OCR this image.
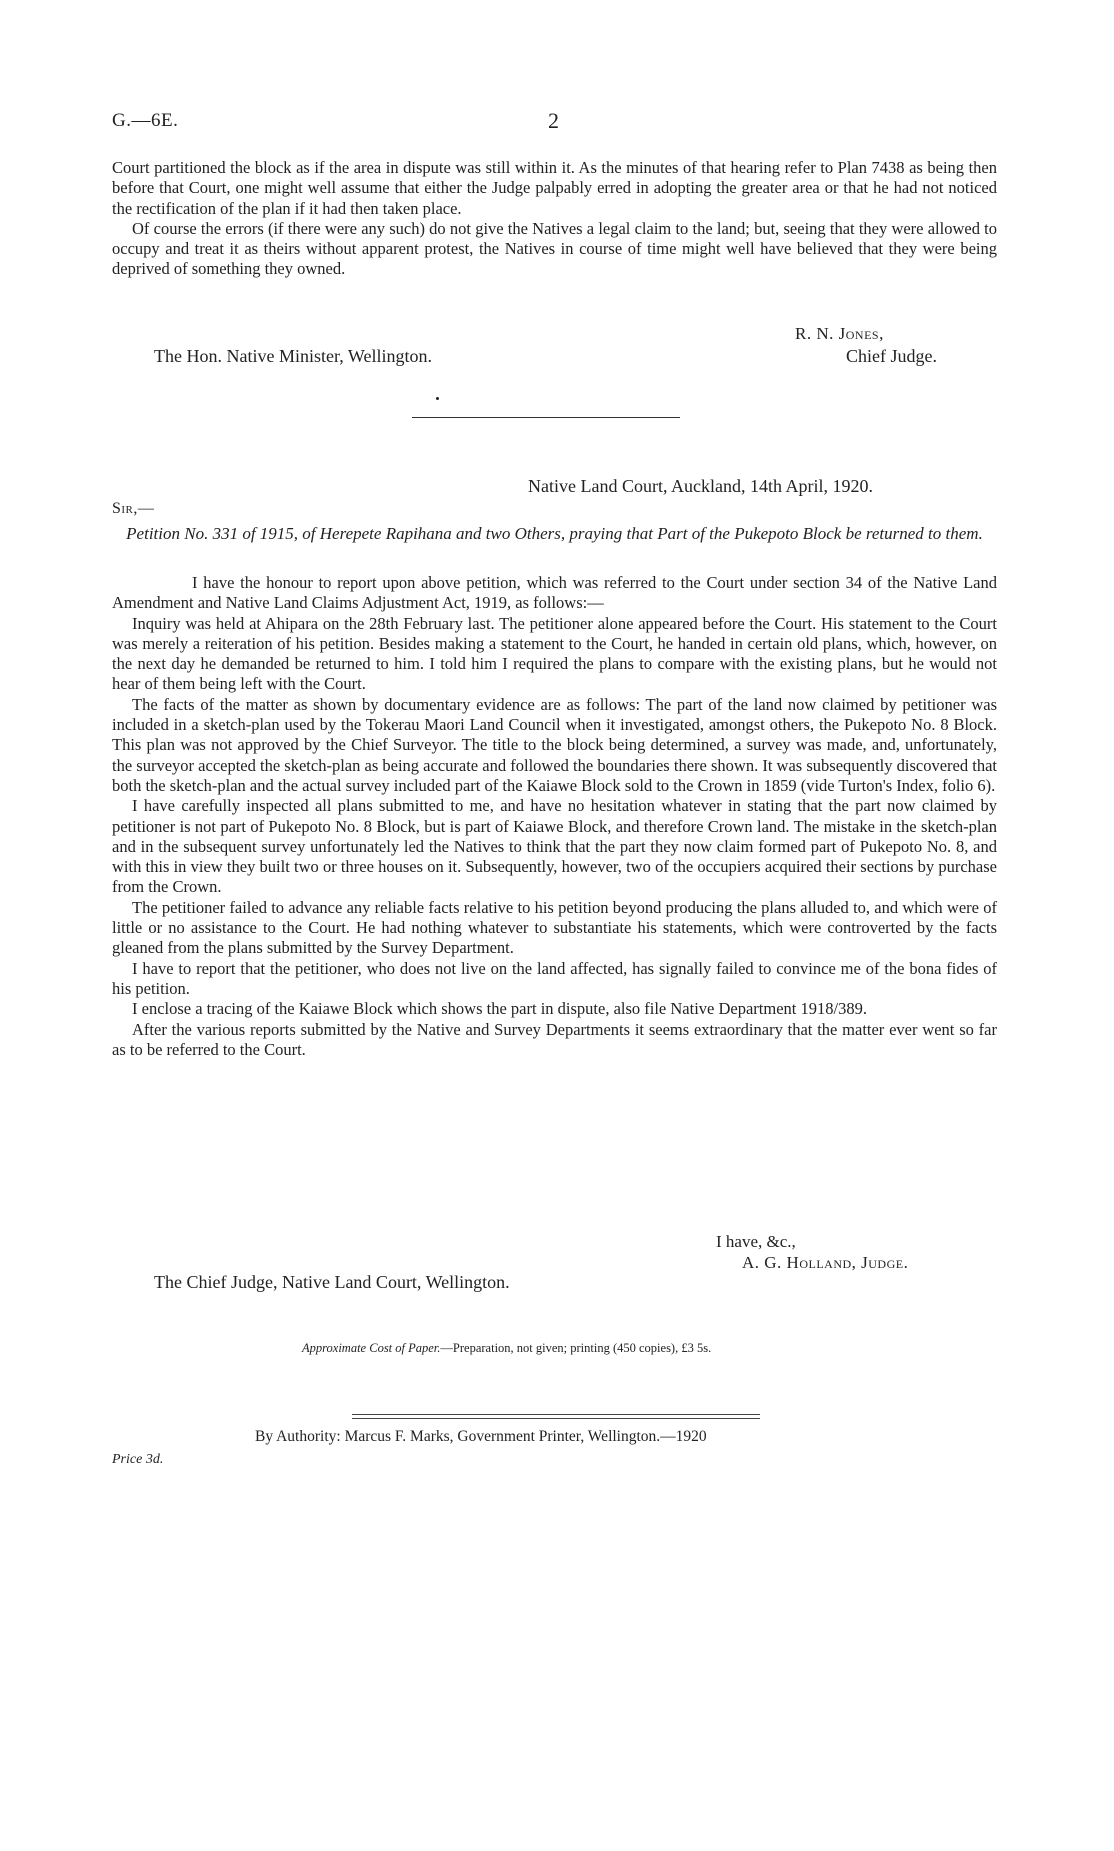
G.—6E.	2

Court partitioned the block as if the area in dispute was still within it. As the minutes of that hearing refer to Plan 7438 as being then before that Court, one might well assume that either the Judge palpably erred in adopting the greater area or that he had not noticed the rectification of the plan if it had then taken place.

Of course the errors (if there were any such) do not give the Natives a legal claim to the land; but, seeing that they were allowed to occupy and treat it as theirs without apparent protest, the Natives in course of time might well have believed that they were being deprived of something they owned.

R. N. Jones,
Chief Judge.
The Hon. Native Minister, Wellington.
Native Land Court, Auckland, 14th April, 1920.
Sir,—
Petition No. 331 of 1915, of Herepete Rapihana and two Others, praying that Part of the Pukepoto Block be returned to them.

I have the honour to report upon above petition, which was referred to the Court under section 34 of the Native Land Amendment and Native Land Claims Adjustment Act, 1919, as follows:—

Inquiry was held at Ahipara on the 28th February last. The petitioner alone appeared before the Court. His statement to the Court was merely a reiteration of his petition. Besides making a statement to the Court, he handed in certain old plans, which, however, on the next day he demanded be returned to him. I told him I required the plans to compare with the existing plans, but he would not hear of them being left with the Court.

The facts of the matter as shown by documentary evidence are as follows: The part of the land now claimed by petitioner was included in a sketch-plan used by the Tokerau Maori Land Council when it investigated, amongst others, the Pukepoto No. 8 Block. This plan was not approved by the Chief Surveyor. The title to the block being determined, a survey was made, and, unfortunately, the surveyor accepted the sketch-plan as being accurate and followed the boundaries there shown. It was subsequently discovered that both the sketch-plan and the actual survey included part of the Kaiawe Block sold to the Crown in 1859 (vide Turton's Index, folio 6).

I have carefully inspected all plans submitted to me, and have no hesitation whatever in stating that the part now claimed by petitioner is not part of Pukepoto No. 8 Block, but is part of Kaiawe Block, and therefore Crown land. The mistake in the sketch-plan and in the subsequent survey unfortunately led the Natives to think that the part they now claim formed part of Pukepoto No. 8, and with this in view they built two or three houses on it. Subsequently, however, two of the occupiers acquired their sections by purchase from the Crown.

The petitioner failed to advance any reliable facts relative to his petition beyond producing the plans alluded to, and which were of little or no assistance to the Court. He had nothing whatever to substantiate his statements, which were controverted by the facts gleaned from the plans submitted by the Survey Department.

I have to report that the petitioner, who does not live on the land affected, has signally failed to convince me of the bona fides of his petition.

I enclose a tracing of the Kaiawe Block which shows the part in dispute, also file Native Department 1918/389.

After the various reports submitted by the Native and Survey Departments it seems extraordinary that the matter ever went so far as to be referred to the Court.

I have, &c.,
A. G. Holland, Judge.
The Chief Judge, Native Land Court, Wellington.
Approximate Cost of Paper.—Preparation, not given; printing (450 copies), £3 5s.
By Authority: Marcus F. Marks, Government Printer, Wellington.—1920
Price 3d.
